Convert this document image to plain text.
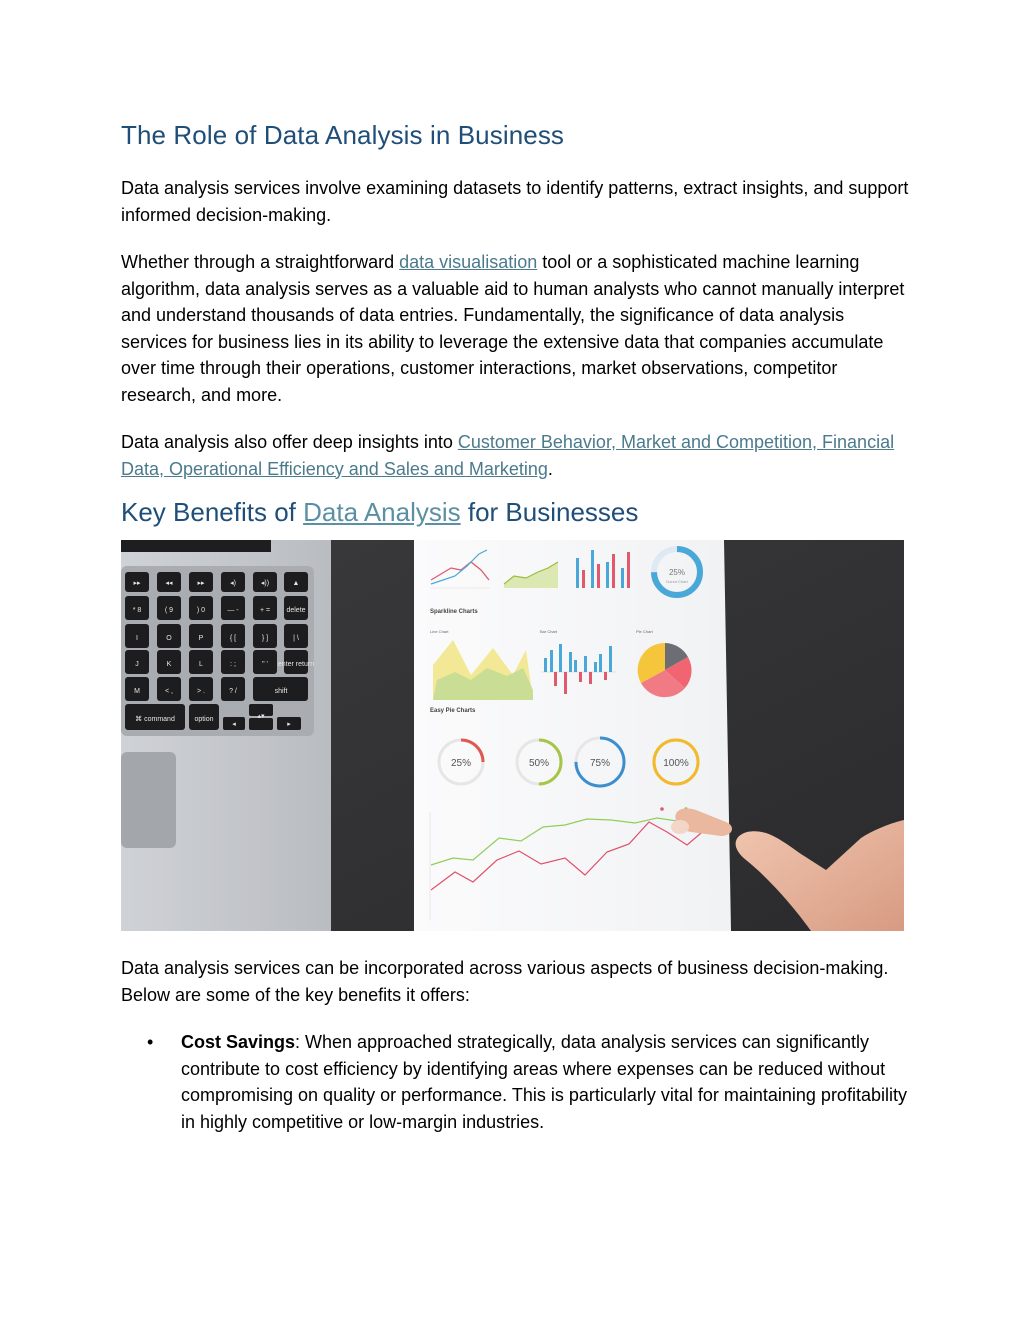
The Role of Data Analysis in Business

Data analysis services involve examining datasets to identify patterns, extract insights, and support informed decision-making.

Whether through a straightforward data visualisation tool or a sophisticated machine learning algorithm, data analysis serves as a valuable aid to human analysts who cannot manually interpret and understand thousands of data entries. Fundamentally, the significance of data analysis services for business lies in its ability to leverage the extensive data that companies accumulate over time through their operations, customer interactions, market observations, competitor research, and more.

Data analysis also offer deep insights into Customer Behavior, Market and Competition, Financial Data, Operational Efficiency and Sales and Marketing.

Key Benefits of Data Analysis for Businesses
▸▸	◂◂	▸▸	◂)	◂))	▲
* 8	( 9	) 0	— -	+ = delete
I	O	P	{ [	} ]	| \
J	K	L	: ;	" ' enter return
M	< ,	> .	? /	shift
⌘ command	option
◂
▴▾
▸
25%
Donut Chart
Sparkline Charts
Line Chart	Bar Chart	Pie Chart
Easy Pie Charts
25%	50%	75%	100%

Data analysis services can be incorporated across various aspects of business decision-making. Below are some of the key benefits it offers:

• Cost Savings: When approached strategically, data analysis services can significantly contribute to cost efficiency by identifying areas where expenses can be reduced without compromising on quality or performance. This is particularly vital for maintaining profitability in highly competitive or low-margin industries.
